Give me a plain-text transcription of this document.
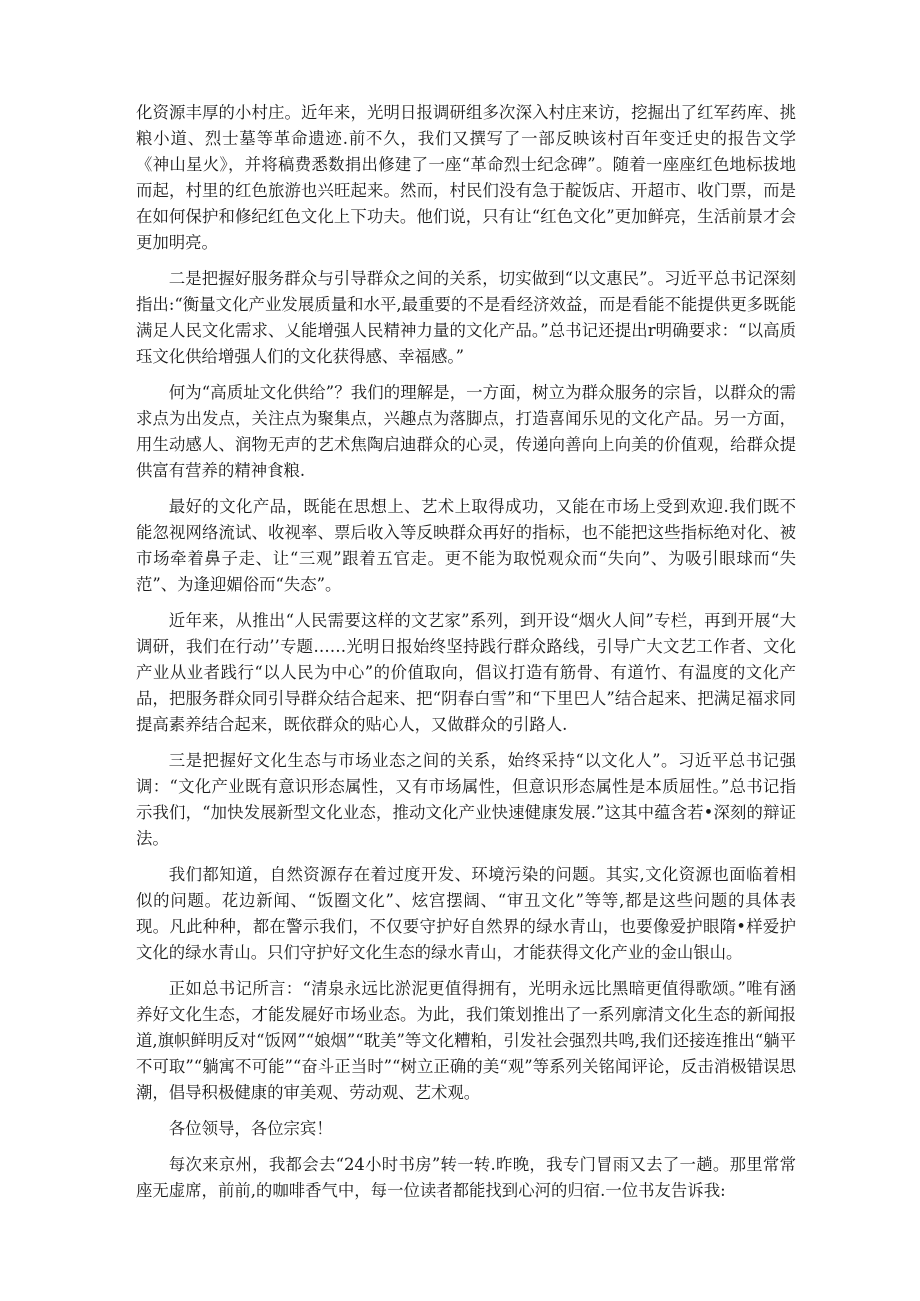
化资源丰厚的小村庄。近年来，光明日报调研组多次深入村庄来访，挖掘出了红军药库、挑粮小道、烈士墓等革命遗迹.前不久，我们又撰写了一部反映该村百年变迁史的报告文学《神山星火》，并将稿费悉数捐出修建了一座“革命烈士纪念碑”。随着一座座红色地标拔地而起，村里的红色旅游也兴旺起来。然而，村民们没有急于靛饭店、开超市、收门票，而是在如何保护和修纪红色文化上下功夫。他们说，只有让“红色文化”更加鲜亮，生活前景才会更加明亮。

二是把握好服务群众与引导群众之间的关系，切实做到“以文惠民”。习近平总书记深刻指出:“衡量文化产业发展质量和水平,最重要的不是看经济效益，而是看能不能提供更多既能满足人民文化需求、乂能增强人民精神力量的文化产品。”总书记还提出r明确要求：“以高质珏文化供给增强人们的文化获得感、幸福感。”

何为“高质址文化供给”？我们的理解是，一方面，树立为群众服务的宗旨，以群众的需求点为出发点，关注点为聚集点，兴趣点为落脚点，打造喜闻乐见的文化产品。另一方面，用生动感人、润物无声的艺术焦陶启迪群众的心灵，传递向善向上向美的价值观，给群众提供富有营养的精神食粮.

最好的文化产品，既能在思想上、艺术上取得成功，又能在市场上受到欢迎.我们既不能忽视网络流试、收视率、票后收入等反映群众再好的指标，也不能把这些指标绝对化、被市场牵着鼻子走、让“三观”跟着五官走。更不能为取悦观众而“失向”、为吸引眼球而“失范”、为逢迎媚俗而“失态”。

近年来，从推出“人民需要这样的文艺家”系列，到开设“烟火人间”专栏，再到开展“大调研，我们在行动’’专题……光明日报始终坚持践行群众路线，引导广大文艺工作者、文化产业从业者践行“以人民为中心”的价值取向，倡议打造有筋骨、有道竹、有温度的文化产品，把服务群众同引导群众结合起来、把“阴春白雪”和“下里巴人”结合起来、把满足福求同提高素养结合起来，既依群众的贴心人，又做群众的引路人.

三是把握好文化生态与市场业态之间的关系，始终采持“以文化人”。习近平总书记强调：“文化产业既有意识形态属性，又有市场属性，但意识形态属性是本质屈性。”总书记指示我们，“加快发展新型文化业态，推动文化产业快速健康发展.”这其中蕴含若•深刻的辩证法。

我们都知道，自然资源存在着过度开发、环境污染的问题。其实,文化资源也面临着相似的问题。花边新闻、“饭圈文化”、炫宫摆阔、“审丑文化”等等,都是这些问题的具体表现。凡此种种，都在警示我们，不仅要守护好自然界的绿水青山，也要像爱护眼隋•样爱护文化的绿水青山。只们守护好文化生态的绿水青山，才能获得文化产业的金山银山。

正如总书记所言：“清泉永远比淤泥更值得拥有，光明永远比黑暗更值得歌颂。”唯有涵养好文化生态，才能发屣好市场业态。为此，我们策划推出了一系列廓清文化生态的新闻报道,旗帜鲜明反对“饭网”“娘烟”“耽美”等文化糟粕，引发社会强烈共鸣,我们还接连推出“躺平不可取”“躺寓不可能”“奋斗正当时”“树立正确的美“观”等系列关铭闻评论，反击消极错误思潮，倡导积极健康的审美观、劳动观、艺术观。

各位领导，各位宗宾！

每次来京州，我都会去“24小时书房”转一转.昨晚，我专门冒雨又去了一趟。那里常常座无虚席，前前,的咖啡香气中，每一位读者都能找到心河的归宿.一位书友告诉我:
